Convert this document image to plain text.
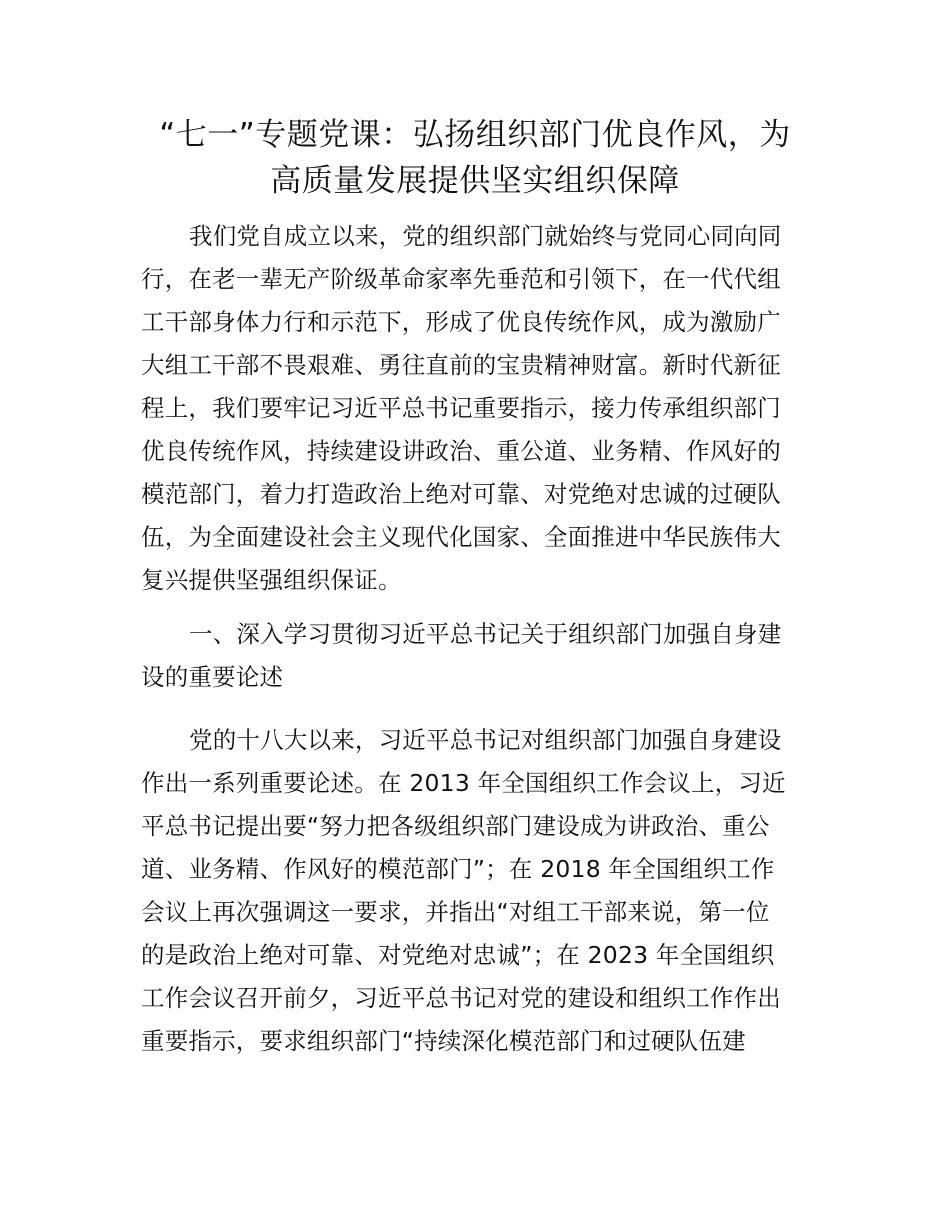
“七一”专题党课：弘扬组织部门优良作风，为
高质量发展提供坚实组织保障

我们党自成立以来，党的组织部门就始终与党同心同向同
行，在老一辈无产阶级革命家率先垂范和引领下，在一代代组
工干部身体力行和示范下，形成了优良传统作风，成为激励广
大组工干部不畏艰难、勇往直前的宝贵精神财富。新时代新征
程上，我们要牢记习近平总书记重要指示，接力传承组织部门
优良传统作风，持续建设讲政治、重公道、业务精、作风好的
模范部门，着力打造政治上绝对可靠、对党绝对忠诚的过硬队
伍，为全面建设社会主义现代化国家、全面推进中华民族伟大
复兴提供坚强组织保证。

一、深入学习贯彻习近平总书记关于组织部门加强自身建
设的重要论述

党的十八大以来，习近平总书记对组织部门加强自身建设
作出一系列重要论述。在 2013 年全国组织工作会议上，习近
平总书记提出要“努力把各级组织部门建设成为讲政治、重公
道、业务精、作风好的模范部门”；在 2018 年全国组织工作
会议上再次强调这一要求，并指出“对组工干部来说，第一位
的是政治上绝对可靠、对党绝对忠诚”；在 2023 年全国组织
工作会议召开前夕，习近平总书记对党的建设和组织工作作出
重要指示，要求组织部门“持续深化模范部门和过硬队伍建
